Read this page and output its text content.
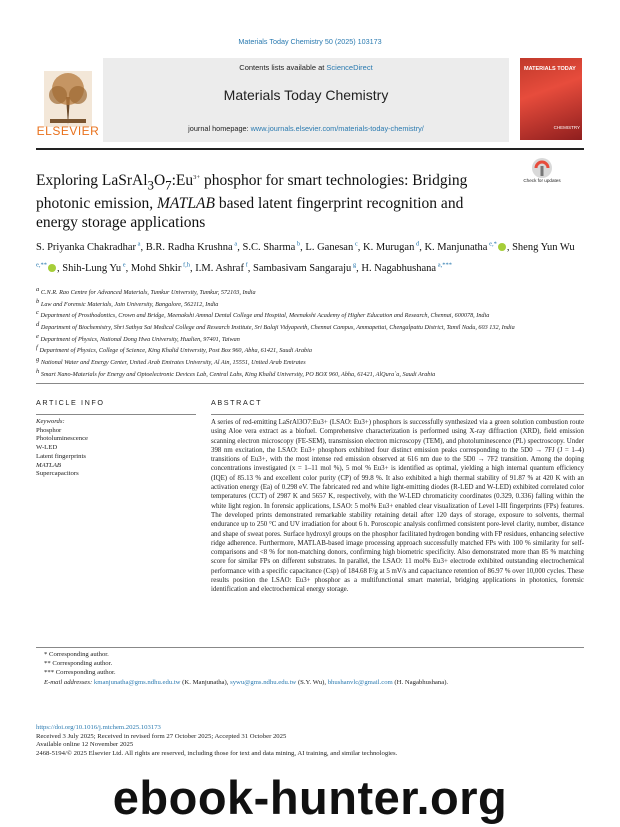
Materials Today Chemistry 50 (2025) 103173
ELSEVIER
Contents lists available at ScienceDirect
Materials Today Chemistry
journal homepage: www.journals.elsevier.com/materials-today-chemistry/
MATERIALS TODAY
CHEMISTRY
Exploring $LaSrAl_3O_7:Eu^{3+}$ phosphor for smart technologies: Bridging photonic emission, MATLAB based latent fingerprint recognition and energy storage applications
Check for updates
S. Priyanka Chakradhar $^a$, B.R. Radha Krushna $^a$, S.C. Sharma $^b$, L. Ganesan $^c$, K. Murugan $^d$, K. Manjunatha $^{e,*}$ , Sheng Yun Wu $^{e,**}$ , Shih-Lung Yu $^e$, Mohd Shkir $^{f,h}$, I.M. Ashraf $^f$, Sambasivam Sangaraju $^g$, H. Nagabhushana $^{a,***}$
$^a$ C.N.R. Rao Centre for Advanced Materials, Tumkur University, Tumkur, 572103, India
$^b$ Law and Forensic Materials, Jain University, Bangalore, 562112, India
$^c$ Department of Prosthodontics, Crown and Bridge, Meenakshi Ammal Dental College and Hospital, Meenakshi Academy of Higher Education and Research, Chennai, 600078, India
$^d$ Department of Biochemistry, Shri Sathya Sai Medical College and Research Institute, Sri Balaji Vidyapeeth, Chennai Campus, Ammapettai, Chengalpattu District, Tamil Nadu, 603 132, India
$^e$ Department of Physics, National Dong Hwa University, Hualien, 97401, Taiwan
$^f$ Department of Physics, College of Science, King Khalid University, Post Box 960, Abha, 61421, Saudi Arabia
$^g$ National Water and Energy Center, United Arab Emirates University, Al Ain, 15551, United Arab Emirates
$^h$ Smart Nano-Materials for Energy and Optoelectronic Devices Lab, Central Labs, King Khalid University, PO BOX 960, Abha, 61421, AlQura`a, Saudi Arabia
ARTICLE INFO	ABSTRACT
Keywords:
Phosphor
Photoluminescence
W-LED
Latent fingerprints
MATLAB
Supercapacitors
A series of red-emitting LaSrAl3O7:Eu3+ (LSAO: Eu3+) phosphors is successfully synthesized via a green solution combustion route using Aloe vera extract as a biofuel. Comprehensive characterization is performed using X-ray diffraction (XRD), field emission scanning electron microscopy (FE-SEM), transmission electron microscopy (TEM), and photoluminescence (PL) spectroscopy. Under 398 nm excitation, the LSAO: Eu3+ phosphors exhibited four distinct emission peaks corresponding to the 5D0 → 7FJ (J = 1–4) transitions of Eu3+, with the most intense red emission observed at 616 nm due to the 5D0 → 7F2 transition. Among the doping concentrations investigated (x = 1–11 mol %), 5 mol % Eu3+ is identified as optimal, yielding a high internal quantum efficiency (IQE) of 85.13 % and excellent color purity (CP) of 99.8 %. It also exhibited a high thermal stability of 91.87 % at 420 K with an activation energy (Ea) of 0.298 eV. The fabricated red and white light-emitting diodes (R-LED and W-LED) exhibited correlated color temperatures (CCT) of 2987 K and 5657 K, respectively, with the W-LED chromaticity coordinates (0.329, 0.336) falling within the white light region. In forensic applications, LSAO: 5 mol% Eu3+ enabled clear visualization of Level I-III fingerprints (FPs) features. The developed prints demonstrated remarkable stability retaining detail after 120 days of storage, exposure to solvents, thermal endurance up to 250 °C and UV irradiation for about 6 h. Poroscopic analysis confirmed consistent pore-level clarity, number, distance and shape of sweat pores. Surface hydroxyl groups on the phosphor facilitated hydrogen bonding with FP residues, enhancing selective ridge adherence. Furthermore, MATLAB-based image processing approach successfully matched FPs with 100 % similarity for self-comparisons and <8 % for non-matching donors, confirming high biometric specificity. Also demonstrated more than 85 % matching score for similar FPs on different substrates. In parallel, the LSAO: 11 mol% Eu3+ electrode exhibited outstanding electrochemical performance with a specific capacitance (Csp) of 184.68 F/g at 5 mV/s and capacitance retention of 86.97 % over 10,000 cycles. These results position the LSAO: Eu3+ phosphor as a multifunctional smart material, bridging applications in photonics, forensic identification and electrochemical energy storage.
* Corresponding author.
** Corresponding author.
*** Corresponding author.
E-mail addresses: kmanjunatha@gms.ndhu.edu.tw (K. Manjunatha), sywu@gms.ndhu.edu.tw (S.Y. Wu), bhushanvlc@gmail.com (H. Nagabhushana).
https://doi.org/10.1016/j.mtchem.2025.103173
Received 3 July 2025; Received in revised form 27 October 2025; Accepted 31 October 2025
Available online 12 November 2025
2468-5194/© 2025 Elsevier Ltd. All rights are reserved, including those for text and data mining, AI training, and similar technologies.
ebook-hunter.org
